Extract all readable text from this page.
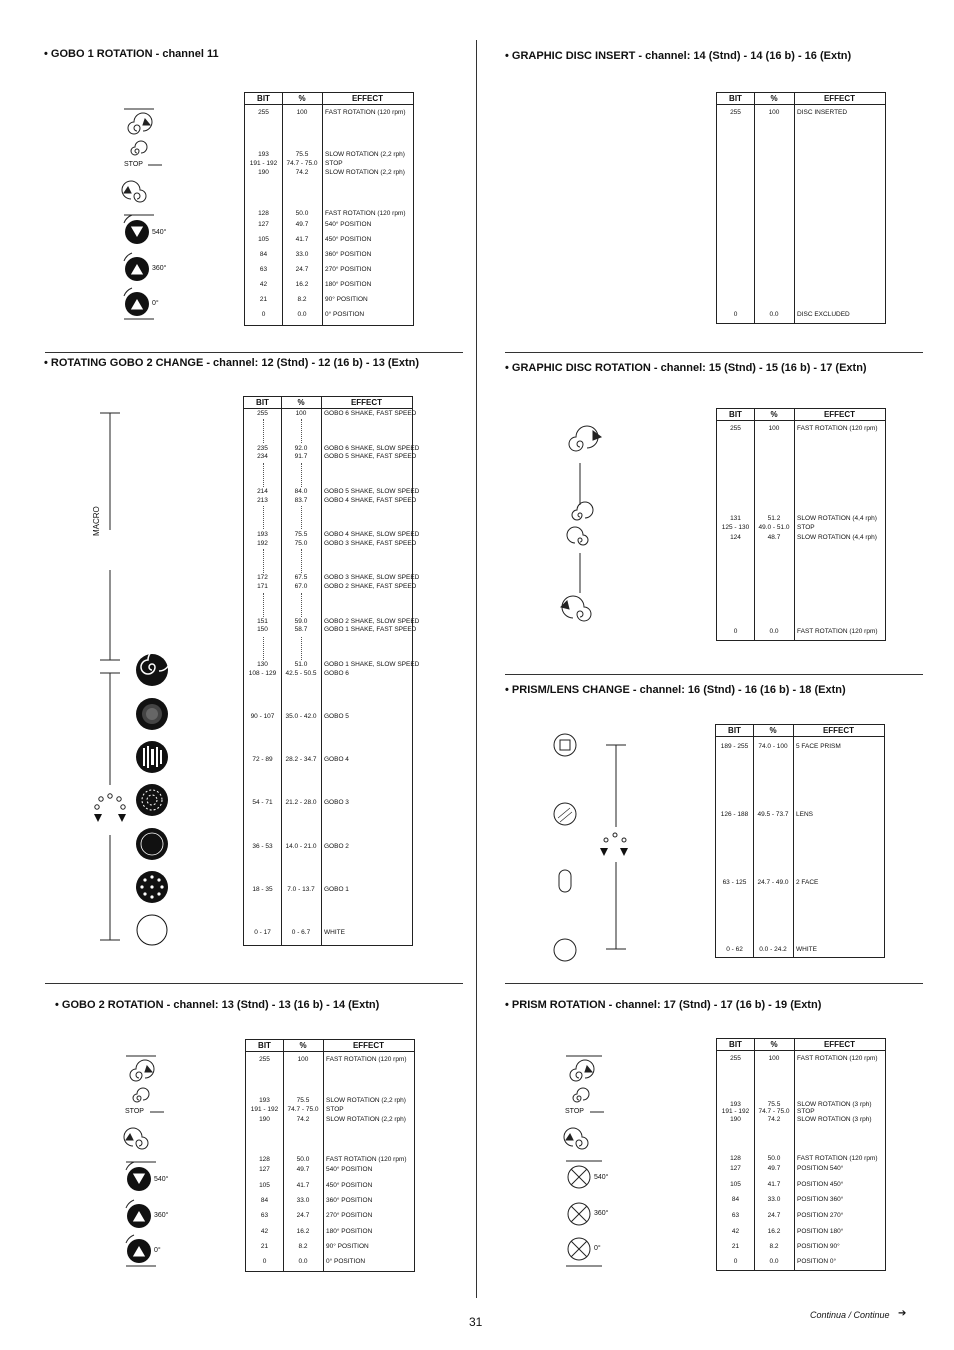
• GOBO 1 ROTATION - channel 11
• ROTATING GOBO 2 CHANGE - channel: 12 (Stnd) - 12 (16 b) - 13 (Extn)
• GOBO 2 ROTATION - channel: 13 (Stnd) - 13 (16 b) - 14 (Extn)
• GRAPHIC DISC INSERT - channel: 14 (Stnd) - 14 (16 b) - 16 (Extn)
• GRAPHIC DISC ROTATION - channel: 15 (Stnd) - 15 (16 b) - 17 (Extn)
• PRISM/LENS CHANGE - channel: 16 (Stnd) - 16 (16 b) - 18 (Extn)
• PRISM ROTATION - channel: 17 (Stnd) - 17 (16 b) - 19 (Extn)
BIT	%	EFFECT
255	100	FAST ROTATION (120 rpm)
193	75.5	SLOW ROTATION (2,2 rph)
191 - 192	74.7 - 75.0	STOP
190	74.2	SLOW ROTATION (2,2 rph)
128	50.0	FAST ROTATION (120 rpm)
127	49.7	540° POSITION
105	41.7	450° POSITION
84	33.0	360° POSITION
63	24.7	270° POSITION
42	16.2	180° POSITION
21	8.2	90° POSITION
0	0.0	0° POSITION
BIT	%	EFFECT
255	100	GOBO 6 SHAKE, FAST SPEED
235	92.0	GOBO 6 SHAKE, SLOW SPEED
234	91.7	GOBO 5 SHAKE, FAST SPEED
214	84.0	GOBO 5 SHAKE, SLOW SPEED
213	83.7	GOBO 4 SHAKE, FAST SPEED
193	75.5	GOBO 4 SHAKE, SLOW SPEED
192	75.0	GOBO 3 SHAKE, FAST SPEED
172	67.5	GOBO 3 SHAKE, SLOW SPEED
171	67.0	GOBO 2 SHAKE, FAST SPEED
151	59.0	GOBO 2 SHAKE, SLOW SPEED
150	58.7	GOBO 1 SHAKE, FAST SPEED
130	51.0	GOBO 1 SHAKE, SLOW SPEED
108 - 129	42.5 - 50.5	GOBO 6
90 - 107	35.0 - 42.0	GOBO 5
72 - 89	28.2 - 34.7	GOBO 4
54 - 71	21.2 - 28.0	GOBO 3
36 - 53	14.0 - 21.0	GOBO 2
18 - 35	7.0 - 13.7	GOBO 1
0 - 17	0 - 6.7	WHITE
BIT	%	EFFECT
255	100	FAST ROTATION (120 rpm)
193	75.5	SLOW ROTATION (2,2 rph)
191 - 192	74.7 - 75.0	STOP
190	74.2	SLOW ROTATION (2,2 rph)
128	50.0	FAST ROTATION (120 rpm)
127	49.7	540° POSITION
105	41.7	450° POSITION
84	33.0	360° POSITION
63	24.7	270° POSITION
42	16.2	180° POSITION
21	8.2	90° POSITION
0	0.0	0° POSITION
BIT	%	EFFECT
255	100	DISC INSERTED
0	0.0	DISC EXCLUDED
BIT	%	EFFECT
255	100	FAST ROTATION (120 rpm)
131	51.2	SLOW ROTATION (4,4 rph)
125 - 130	49.0 - 51.0	STOP
124	48.7	SLOW ROTATION (4,4 rph)
0	0.0	FAST ROTATION (120 rpm)
BIT	%	EFFECT
189 - 255	74.0 - 100	5 FACE PRISM
126 - 188	49.5 - 73.7	LENS
63 - 125	24.7 - 49.0	2 FACE
0 - 62	0.0 - 24.2	WHITE
BIT	%	EFFECT
255	100	FAST ROTATION (120 rpm)
193	75.5	SLOW ROTATION (3 rph)
191 - 192	74.7 - 75.0	STOP
190	74.2	SLOW ROTATION (3 rph)
128	50.0	FAST ROTATION (120 rpm)
127	49.7	POSITION 540°
105	41.7	POSITION 450°
84	33.0	POSITION 360°
63	24.7	POSITION 270°
42	16.2	POSITION 180°
21	8.2	POSITION 90°
0	0.0	POSITION 0°
STOP
540°
360°
0°
STOP
540°
360°
0°
MACRO
STOP
540°
360°
0°
31	Continua / Continue ➔
